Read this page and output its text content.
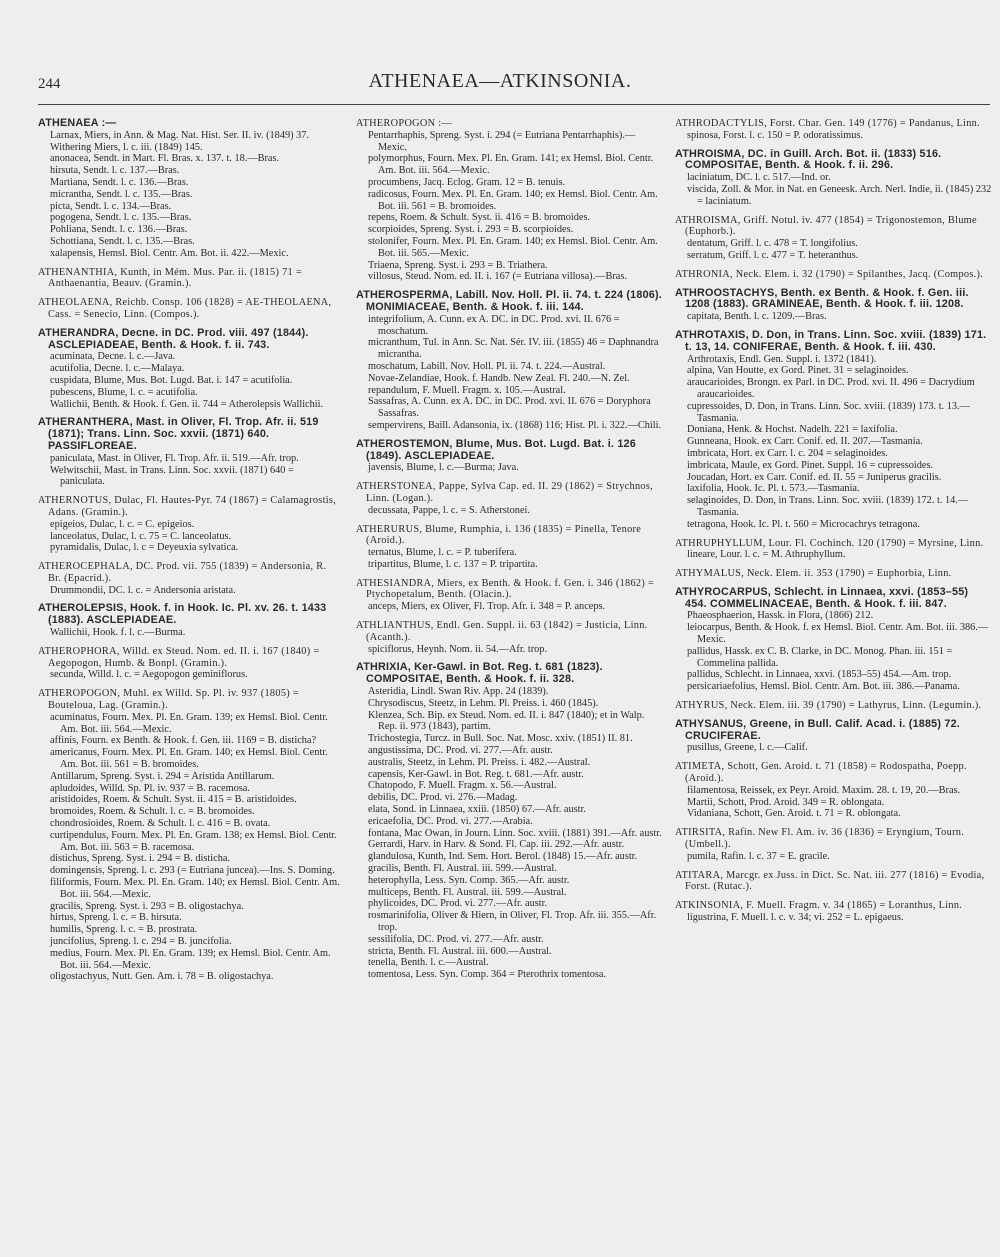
244	ATHENAEA—ATKINSONIA.

ATHENAEA :—

Larnax, Miers, in Ann. & Mag. Nat. Hist. Ser. II. iv. (1849) 37.

Withering Miers, l. c. iii. (1849) 145.

anonacea, Sendt. in Mart. Fl. Bras. x. 137. t. 18.—Bras.

hirsuta, Sendt. l. c. 137.—Bras.

Martiana, Sendt. l. c. 136.—Bras.

micrantha, Sendt. l. c. 135.—Bras.

picta, Sendt. l. c. 134.—Bras.

pogogena, Sendt. l. c. 135.—Bras.

Pohliana, Sendt. l. c. 136.—Bras.

Schottiana, Sendt. l. c. 135.—Bras.

xalapensis, Hemsl. Biol. Centr. Am. Bot. ii. 422.—Mexic.

ATHENANTHIA, Kunth, in Mém. Mus. Par. ii. (1815) 71 = Anthaenantia, Beauv. (Gramin.).

ATHEOLAENA, Reichb. Consp. 106 (1828) = AE-THEOLAENA, Cass. = Senecio, Linn. (Compos.).

ATHERANDRA, Decne. in DC. Prod. viii. 497 (1844). ASCLEPIADEAE, Benth. & Hook. f. ii. 743.

acuminata, Decne. l. c.—Java.

acutifolia, Decne. l. c.—Malaya.

cuspidata, Blume, Mus. Bot. Lugd. Bat. i. 147 = acutifolia.

pubescens, Blume, l. c. = acutifolia.

Wallichii, Benth. & Hook. f. Gen. ii. 744 = Atherolepsis Wallichii.

ATHERANTHERA, Mast. in Oliver, Fl. Trop. Afr. ii. 519 (1871); Trans. Linn. Soc. xxvii. (1871) 640. PASSIFLOREAE.

paniculata, Mast. in Oliver, Fl. Trop. Afr. ii. 519.—Afr. trop.

Welwitschii, Mast. in Trans. Linn. Soc. xxvii. (1871) 640 = paniculata.

ATHERNOTUS, Dulac, Fl. Hautes-Pyr. 74 (1867) = Calamagrostis, Adans. (Gramin.).

epigeios, Dulac, l. c. = C. epigeios.

lanceolatus, Dulac, l. c. 75 = C. lanceolatus.

pyramidalis, Dulac, l. c = Deyeuxia sylvatica.

ATHEROCEPHALA, DC. Prod. vii. 755 (1839) = Andersonia, R. Br. (Epacrid.).

Drummondii, DC. l. c. = Andersonia aristata.

ATHEROLEPSIS, Hook. f. in Hook. Ic. Pl. xv. 26. t. 1433 (1883). ASCLEPIADEAE.

Wallichii, Hook. f. l. c.—Burma.

ATHEROPHORA, Willd. ex Steud. Nom. ed. II. i. 167 (1840) = Aegopogon, Humb. & Bonpl. (Gramin.).

secunda, Willd. l. c. = Aegopogon geminiflorus.

ATHEROPOGON, Muhl. ex Willd. Sp. Pl. iv. 937 (1805) = Bouteloua, Lag. (Gramin.).

acuminatus, Fourn. Mex. Pl. En. Gram. 139; ex Hemsl. Biol. Centr. Am. Bot. iii. 564.—Mexic.

affinis, Fourn. ex Benth. & Hook. f. Gen. iii. 1169 = B. disticha?

americanus, Fourn. Mex. Pl. En. Gram. 140; ex Hemsl. Biol. Centr. Am. Bot. iii. 561 = B. bromoides.

Antillarum, Spreng. Syst. i. 294 = Aristida Antillarum.

apludoides, Willd. Sp. Pl. iv. 937 = B. racemosa.

aristidoides, Roem. & Schult. Syst. ii. 415 = B. aristidoides.

bromoides, Roem. & Schult. l. c. = B. bromoides.

chondrosioides, Roem. & Schult. l. c. 416 = B. ovata.

curtipendulus, Fourn. Mex. Pl. En. Gram. 138; ex Hemsl. Biol. Centr. Am. Bot. iii. 563 = B. racemosa.

distichus, Spreng. Syst. i. 294 = B. disticha.

domingensis, Spreng. l. c. 293 (= Eutriana juncea).—Ins. S. Doming.

filiformis, Fourn. Mex. Pl. En. Gram. 140; ex Hemsl. Biol. Centr. Am. Bot. iii. 564.—Mexic.

gracilis, Spreng. Syst. i. 293 = B. oligostachya.

hirtus, Spreng. l. c. = B. hirsuta.

humilis, Spreng. l. c. = B. prostrata.

juncifolius, Spreng. l. c. 294 = B. juncifolia.

medius, Fourn. Mex. Pl. En. Gram. 139; ex Hemsl. Biol. Centr. Am. Bot. iii. 564.—Mexic.

oligostachyus, Nutt. Gen. Am. i. 78 = B. oligostachya.

ATHEROPOGON :—

Pentarrhaphis, Spreng. Syst. i. 294 (= Eutriana Pentarrhaphis).—Mexic.

polymorphus, Fourn. Mex. Pl. En. Gram. 141; ex Hemsl. Biol. Centr. Am. Bot. iii. 564.—Mexic.

procumbens, Jacq. Eclog. Gram. 12 = B. tenuis.

radicosus, Fourn. Mex. Pl. En. Gram. 140; ex Hemsl. Biol. Centr. Am. Bot. iii. 561 = B. bromoides.

repens, Roem. & Schult. Syst. ii. 416 = B. bromoides.

scorpioides, Spreng. Syst. i. 293 = B. scorpioides.

stolonifer, Fourn. Mex. Pl. En. Gram. 140; ex Hemsl. Biol. Centr. Am. Bot. iii. 565.—Mexic.

Triaena, Spreng. Syst. i. 293 = B. Triathera.

villosus, Steud. Nom. ed. II. i. 167 (= Eutriana villosa).—Bras.

ATHEROSPERMA, Labill. Nov. Holl. Pl. ii. 74. t. 224 (1806). MONIMIACEAE, Benth. & Hook. f. iii. 144.

integrifolium, A. Cunn. ex A. DC. in DC. Prod. xvi. II. 676 = moschatum.

micranthum, Tul. in Ann. Sc. Nat. Sér. IV. iii. (1855) 46 = Daphnandra micrantha.

moschatum, Labill. Nov. Holl. Pl. ii. 74. t. 224.—Austral.

Novae-Zelandiae, Hook. f. Handb. New Zeal. Fl. 240.—N. Zel.

repandulum, F. Muell. Fragm. x. 105.—Austral.

Sassafras, A. Cunn. ex A. DC. in DC. Prod. xvi. II. 676 = Doryphora Sassafras.

sempervirens, Baill. Adansonia, ix. (1868) 116; Hist. Pl. i. 322.—Chili.

ATHEROSTEMON, Blume, Mus. Bot. Lugd. Bat. i. 126 (1849). ASCLEPIADEAE.

javensis, Blume, l. c.—Burma; Java.

ATHERSTONEA, Pappe, Sylva Cap. ed. II. 29 (1862) = Strychnos, Linn. (Logan.).

decussata, Pappe, l. c. = S. Atherstonei.

ATHERURUS, Blume, Rumphia, i. 136 (1835) = Pinella, Tenore (Aroid.).

ternatus, Blume, l. c. = P. tuberifera.

tripartitus, Blume, l. c. 137 = P. tripartita.

ATHESIANDRA, Miers, ex Benth. & Hook. f. Gen. i. 346 (1862) = Ptychopetalum, Benth. (Olacin.).

anceps, Miers, ex Oliver, Fl. Trop. Afr. i. 348 = P. anceps.

ATHLIANTHUS, Endl. Gen. Suppl. ii. 63 (1842) = Justicia, Linn. (Acanth.).

spiciflorus, Heynh. Nom. ii. 54.—Afr. trop.

ATHRIXIA, Ker-Gawl. in Bot. Reg. t. 681 (1823). COMPOSITAE, Benth. & Hook. f. ii. 328.

Asteridia, Lindl. Swan Riv. App. 24 (1839).

Chrysodiscus, Steetz, in Lehm. Pl. Preiss. i. 460 (1845).

Klenzea, Sch. Bip. ex Steud. Nom. ed. II. i. 847 (1840); et in Walp. Rep. ii. 973 (1843), partim.

Trichostegia, Turcz. in Bull. Soc. Nat. Mosc. xxiv. (1851) II. 81.

angustissima, DC. Prod. vi. 277.—Afr. austr.

australis, Steetz, in Lehm. Pl. Preiss. i. 482.—Austral.

capensis, Ker-Gawl. in Bot. Reg. t. 681.—Afr. austr.

Chatopodo, F. Muell. Fragm. x. 56.—Austral.

debilis, DC. Prod. vi. 276.—Madag.

elata, Sond. in Linnaea, xxiii. (1850) 67.—Afr. austr.

ericaefolia, DC. Prod. vi. 277.—Arabia.

fontana, Mac Owan, in Journ. Linn. Soc. xviii. (1881) 391.—Afr. austr.

Gerrardi, Harv. in Harv. & Sond. Fl. Cap. iii. 292.—Afr. austr.

glandulosa, Kunth, Ind. Sem. Hort. Berol. (1848) 15.—Afr. austr.

gracilis, Benth. Fl. Austral. iii. 599.—Austral.

heterophylla, Less. Syn. Comp. 365.—Afr. austr.

multiceps, Benth. Fl. Austral. iii. 599.—Austral.

phylicoides, DC. Prod. vi. 277.—Afr. austr.

rosmarinifolia, Oliver & Hiern, in Oliver, Fl. Trop. Afr. iii. 355.—Afr. trop.

sessilifolia, DC. Prod. vi. 277.—Afr. austr.

stricta, Benth. Fl. Austral. iii. 600.—Austral.

tenella, Benth. l. c.—Austral.

tomentosa, Less. Syn. Comp. 364 = Pterothrix tomentosa.

ATHRODACTYLIS, Forst. Char. Gen. 149 (1776) = Pandanus, Linn.

spinosa, Forst. l. c. 150 = P. odoratissimus.

ATHROISMA, DC. in Guill. Arch. Bot. ii. (1833) 516. COMPOSITAE, Benth. & Hook. f. ii. 296.

laciniatum, DC. l. c. 517.—Ind. or.

viscida, Zoll. & Mor. in Nat. en Geneesk. Arch. Nerl. Indie, ii. (1845) 232 = laciniatum.

ATHROISMA, Griff. Notul. iv. 477 (1854) = Trigonostemon, Blume (Euphorb.).

dentatum, Griff. l. c. 478 = T. longifolius.

serratum, Griff. l. c. 477 = T. heteranthus.

ATHRONIA, Neck. Elem. i. 32 (1790) = Spilanthes, Jacq. (Compos.).

ATHROOSTACHYS, Benth. ex Benth. & Hook. f. Gen. iii. 1208 (1883). GRAMINEAE, Benth. & Hook. f. iii. 1208.

capitata, Benth. l. c. 1209.—Bras.

ATHROTAXIS, D. Don, in Trans. Linn. Soc. xviii. (1839) 171. t. 13, 14. CONIFERAE, Benth. & Hook. f. iii. 430.

Arthrotaxis, Endl. Gen. Suppl. i. 1372 (1841).

alpina, Van Houtte, ex Gord. Pinet. 31 = selaginoides.

araucarioides, Brongn. ex Parl. in DC. Prod. xvi. II. 496 = Dacrydium araucarioides.

cupressoides, D. Don, in Trans. Linn. Soc. xviii. (1839) 173. t. 13.—Tasmania.

Doniana, Henk. & Hochst. Nadelh. 221 = laxifolia.

Gunneana, Hook. ex Carr. Conif. ed. II. 207.—Tasmania.

imbricata, Hort. ex Carr. l. c. 204 = selaginoides.

imbricata, Maule, ex Gord. Pinet. Suppl. 16 = cupressoides.

Joucadan, Hort. ex Carr. Conif. ed. II. 55 = Juniperus gracilis.

laxifolia, Hook. Ic. Pl. t. 573.—Tasmania.

selaginoides, D. Don, in Trans. Linn. Soc. xviii. (1839) 172. t. 14.—Tasmania.

tetragona, Hook. Ic. Pl. t. 560 = Microcachrys tetragona.

ATHRUPHYLLUM, Lour. Fl. Cochinch. 120 (1790) = Myrsine, Linn.

lineare, Lour. l. c. = M. Athruphyllum.

ATHYMALUS, Neck. Elem. ii. 353 (1790) = Euphorbia, Linn.

ATHYROCARPUS, Schlecht. in Linnaea, xxvi. (1853–55) 454. COMMELINACEAE, Benth. & Hook. f. iii. 847.

Phaeosphaerion, Hassk. in Flora, (1866) 212.

leiocarpus, Benth. & Hook. f. ex Hemsl. Biol. Centr. Am. Bot. iii. 386.—Mexic.

pallidus, Hassk. ex C. B. Clarke, in DC. Monog. Phan. iii. 151 = Commelina pallida.

pallidus, Schlecht. in Linnaea, xxvi. (1853–55) 454.—Am. trop.

persicariaefolius, Hemsl. Biol. Centr. Am. Bot. iii. 386.—Panama.

ATHYRUS, Neck. Elem. iii. 39 (1790) = Lathyrus, Linn. (Legumin.).

ATHYSANUS, Greene, in Bull. Calif. Acad. i. (1885) 72. CRUCIFERAE.

pusillus, Greene, l. c.—Calif.

ATIMETA, Schott, Gen. Aroid. t. 71 (1858) = Rodospatha, Poepp. (Aroid.).

filamentosa, Reissek, ex Peyr. Aroid. Maxim. 28. t. 19, 20.—Bras.

Martii, Schott, Prod. Aroid. 349 = R. oblongata.

Vidaniana, Schott, Gen. Aroid. t. 71 = R. oblongata.

ATIRSITA, Rafin. New Fl. Am. iv. 36 (1836) = Eryngium, Tourn. (Umbell.).

pumila, Rafin. l. c. 37 = E. gracile.

ATITARA, Marcgr. ex Juss. in Dict. Sc. Nat. iii. 277 (1816) = Evodia, Forst. (Rutac.).

ATKINSONIA, F. Muell. Fragm. v. 34 (1865) = Loranthus, Linn.

ligustrina, F. Muell. l. c. v. 34; vi. 252 = L. epigaeus.
